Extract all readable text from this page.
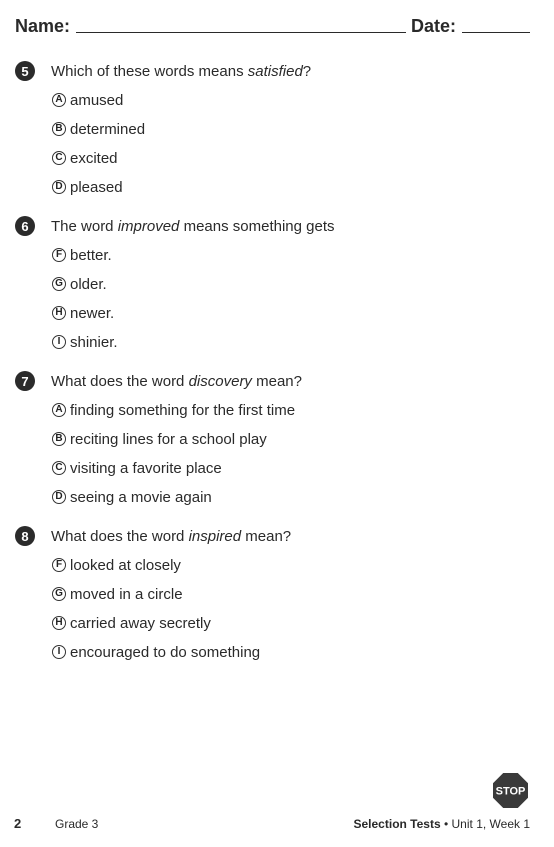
Name:	Date:
5	Which of these words means satisfied?
A amused
B determined
C excited
D pleased
6	The word improved means something gets
F better.
G older.
H newer.
I shinier.
7	What does the word discovery mean?
A finding something for the first time
B reciting lines for a school play
C visiting a favorite place
D seeing a movie again
8	What does the word inspired mean?
F looked at closely
G moved in a circle
H carried away secretly
I encouraged to do something
STOP
2	Grade 3	Selection Tests • Unit 1, Week 1
